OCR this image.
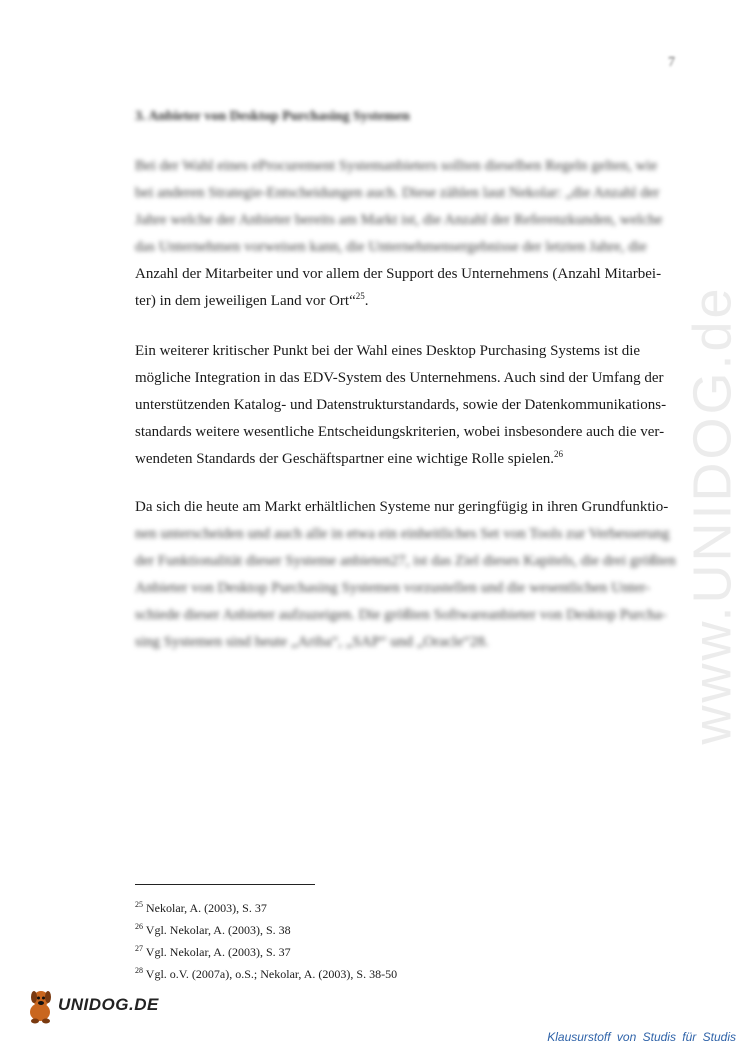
7
3. Anbieter von Desktop Purchasing Systemen
Bei der Wahl eines eProcurement Systemanbieters sollten dieselben Regeln gelten, wie
bei anderen Strategie-Entscheidungen auch. Diese zählen laut Nekolar: „die Anzahl der
Jahre welche der Anbieter bereits am Markt ist, die Anzahl der Referenzkunden, welche
das Unternehmen vorweisen kann, die Unternehmensergebnisse der letzten Jahre, die
Anzahl der Mitarbeiter und vor allem der Support des Unternehmens (Anzahl Mitarbei-
ter) in dem jeweiligen Land vor Ort“$^{25}$.
Ein weiterer kritischer Punkt bei der Wahl eines Desktop Purchasing Systems ist die
mögliche Integration in das EDV-System des Unternehmens. Auch sind der Umfang der
unterstützenden Katalog- und Datenstrukturstandards, sowie der Datenkommunikations-
standards weitere wesentliche Entscheidungskriterien, wobei insbesondere auch die ver-
wendeten Standards der Geschäftspartner eine wichtige Rolle spielen.$^{26}$
Da sich die heute am Markt erhältlichen Systeme nur geringfügig in ihren Grundfunktio-
nen unterscheiden und auch alle in etwa ein einheitliches Set von Tools zur Verbesserung
der Funktionalität dieser Systeme anbieten27, ist das Ziel dieses Kapitels, die drei größten
Anbieter von Desktop Purchasing Systemen vorzustellen und die wesentlichen Unter-
schiede dieser Anbieter aufzuzeigen. Die größten Softwareanbieter von Desktop Purcha-
sing Systemen sind heute „Ariba“, „SAP“ und „Oracle“28.
$^{25}$ Nekolar, A. (2003), S. 37
$^{26}$ Vgl. Nekolar, A. (2003), S. 38
$^{27}$ Vgl. Nekolar, A. (2003), S. 37
$^{28}$ Vgl. o.V. (2007a), o.S.; Nekolar, A. (2003), S. 38-50
www.UNIDOG.de
UNIDOG.DE
Klausurstoff von Studis für Studis
